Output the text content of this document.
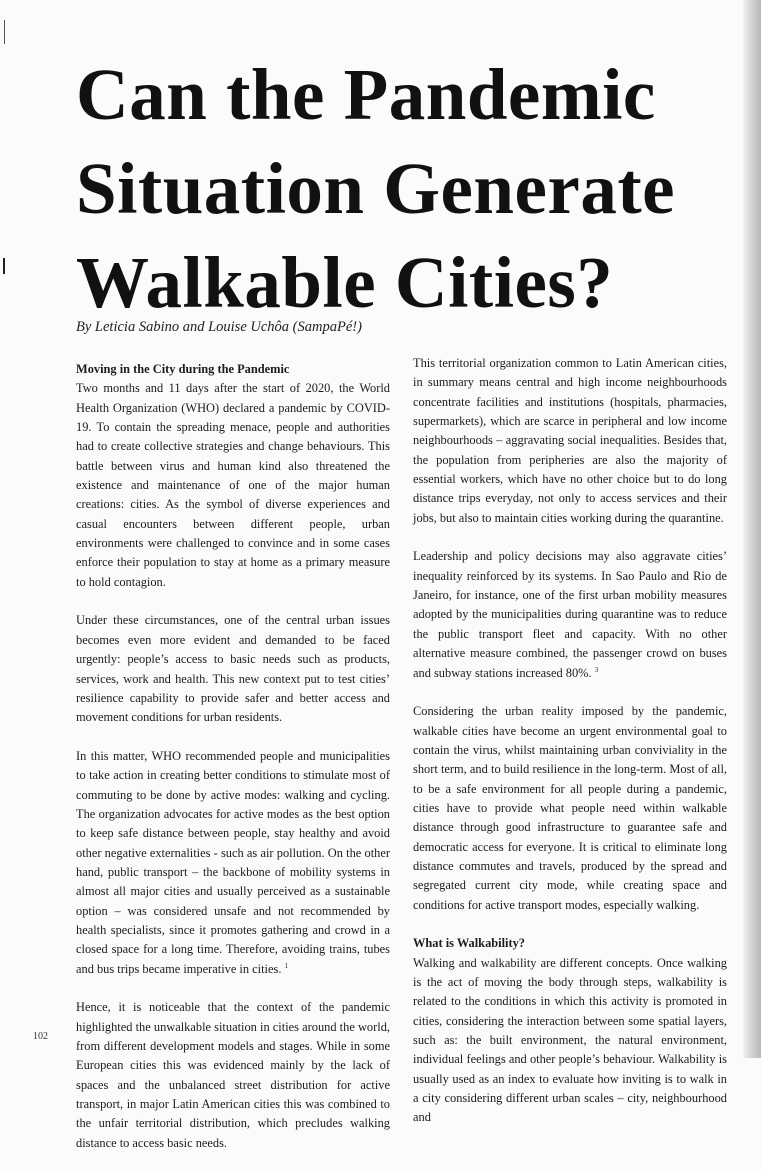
Can the Pandemic Situation Generate Walkable Cities?
By Leticia Sabino and Louise Uchôa (SampaPé!)
Moving in the City during the Pandemic

Two months and 11 days after the start of 2020, the World Health Organization (WHO) declared a pandemic by COVID-19. To contain the spreading menace, people and authorities had to create collective strategies and change behaviours. This battle between virus and human kind also threatened the existence and maintenance of one of the major human creations: cities. As the symbol of diverse experiences and casual encounters between different people, urban environments were challenged to convince and in some cases enforce their population to stay at home as a primary measure to hold contagion.

Under these circumstances, one of the central urban issues becomes even more evident and demanded to be faced urgently: people’s access to basic needs such as products, services, work and health. This new context put to test cities’ resilience capability to provide safer and better access and movement conditions for urban residents.

In this matter, WHO recommended people and municipalities to take action in creating better conditions to stimulate most of commuting to be done by active modes: walking and cycling. The organization advocates for active modes as the best option to keep safe distance between people, stay healthy and avoid other negative externalities - such as air pollution. On the other hand, public transport – the backbone of mobility systems in almost all major cities and usually perceived as a sustainable option – was considered unsafe and not recommended by health specialists, since it promotes gathering and crowd in a closed space for a long time. Therefore, avoiding trains, tubes and bus trips became imperative in cities. $^1$

Hence, it is noticeable that the context of the pandemic highlighted the unwalkable situation in cities around the world, from different development models and stages. While in some European cities this was evidenced mainly by the lack of spaces and the unbalanced street distribution for active transport, in major Latin American cities this was combined to the unfair territorial distribution, which precludes walking distance to access basic needs.

This territorial organization common to Latin American cities, in summary means central and high income neighbourhoods concentrate facilities and institutions (hospitals, pharmacies, supermarkets), which are scarce in peripheral and low income neighbourhoods – aggravating social inequalities. Besides that, the population from peripheries are also the majority of essential workers, which have no other choice but to do long distance trips everyday, not only to access services and their jobs, but also to maintain cities working during the quarantine.

Leadership and policy decisions may also aggravate cities’ inequality reinforced by its systems. In Sao Paulo and Rio de Janeiro, for instance, one of the first urban mobility measures adopted by the municipalities during quarantine was to reduce the public transport fleet and capacity. With no other alternative measure combined, the passenger crowd on buses and subway stations increased 80%. $^3$

Considering the urban reality imposed by the pandemic, walkable cities have become an urgent environmental goal to contain the virus, whilst maintaining urban conviviality in the short term, and to build resilience in the long-term. Most of all, to be a safe environment for all people during a pandemic, cities have to provide what people need within walkable distance through good infrastructure to guarantee safe and democratic access for everyone. It is critical to eliminate long distance commutes and travels, produced by the spread and segregated current city mode, while creating space and conditions for active transport modes, especially walking.

What is Walkability?

Walking and walkability are different concepts. Once walking is the act of moving the body through steps, walkability is related to the conditions in which this activity is promoted in cities, considering the interaction between some spatial layers, such as: the built environment, the natural environment, individual feelings and other people’s behaviour. Walkability is usually used as an index to evaluate how inviting is to walk in a city considering different urban scales – city, neighbourhood and

102
